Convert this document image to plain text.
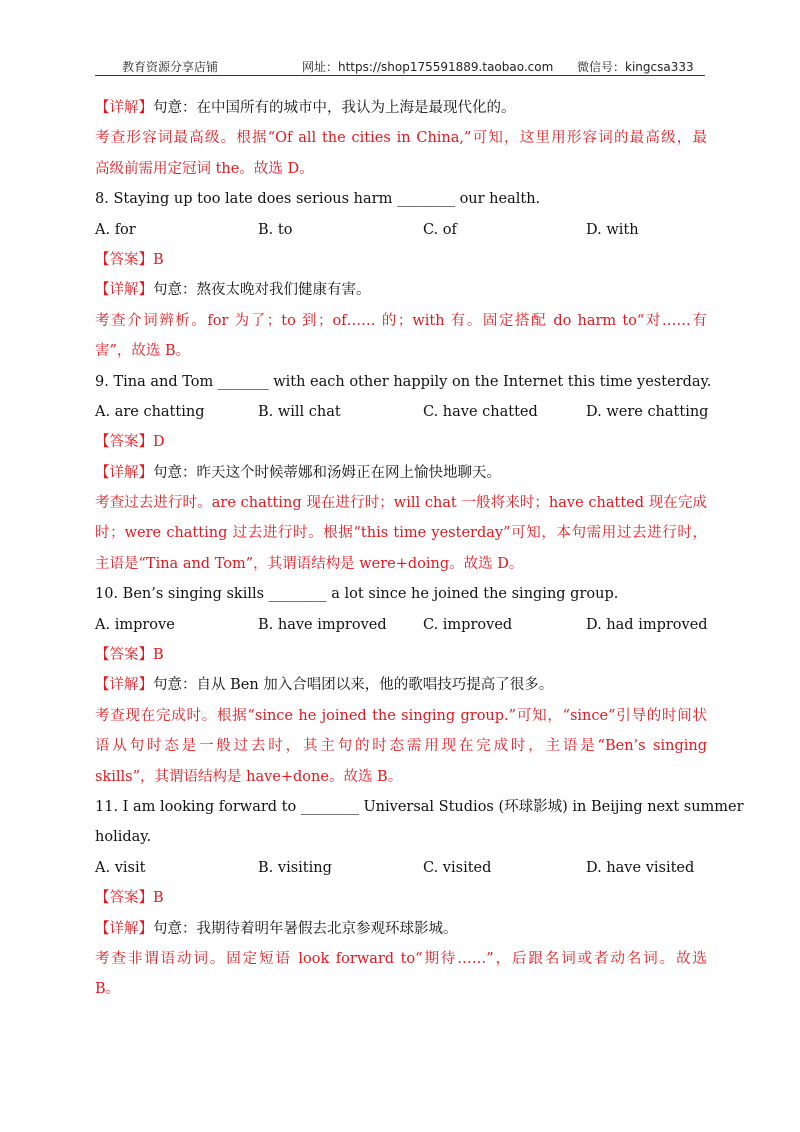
教育资源分享店铺	网址：https://shop175591889.taobao.com 微信号：kingcsa333
【详解】句意：在中国所有的城市中，我认为上海是最现代化的。
考查形容词最高级。根据“Of all the cities in China,”可知，这里用形容词的最高级，最
高级前需用定冠词 the。故选 D。
8. Staying up too late does serious harm ________ our health.
A. for	B. to	C. of	D. with
【答案】B
【详解】句意：熬夜太晚对我们健康有害。
考查介词辨析。for 为了；to 到；of…… 的；with 有。固定搭配 do harm to“对……有
害”，故选 B。
9. Tina and Tom _______ with each other happily on the Internet this time yesterday.
A. are chatting	B. will chat	C. have chatted	D. were chatting
【答案】D
【详解】句意：昨天这个时候蒂娜和汤姆正在网上愉快地聊天。
考查过去进行时。are chatting 现在进行时；will chat 一般将来时；have chatted 现在完成
时；were chatting 过去进行时。根据“this time yesterday”可知，本句需用过去进行时，
主语是“Tina and Tom”，其谓语结构是 were+doing。故选 D。
10. Ben’s singing skills ________ a lot since he joined the singing group.
A. improve	B. have improved	C. improved	D. had improved
【答案】B
【详解】句意：自从 Ben 加入合唱团以来，他的歌唱技巧提高了很多。
考查现在完成时。根据“since he joined the singing group.”可知，“since”引导的时间状
语从句时态是一般过去时，其主句的时态需用现在完成时，主语是“Ben’s singing
skills”，其谓语结构是 have+done。故选 B。
11. I am looking forward to ________ Universal Studios (环球影城) in Beijing next summer
holiday.
A. visit	B. visiting	C. visited	D. have visited
【答案】B
【详解】句意：我期待着明年暑假去北京参观环球影城。
考查非谓语动词。固定短语 look forward to“期待……”，后跟名词或者动名词。故选
B。
